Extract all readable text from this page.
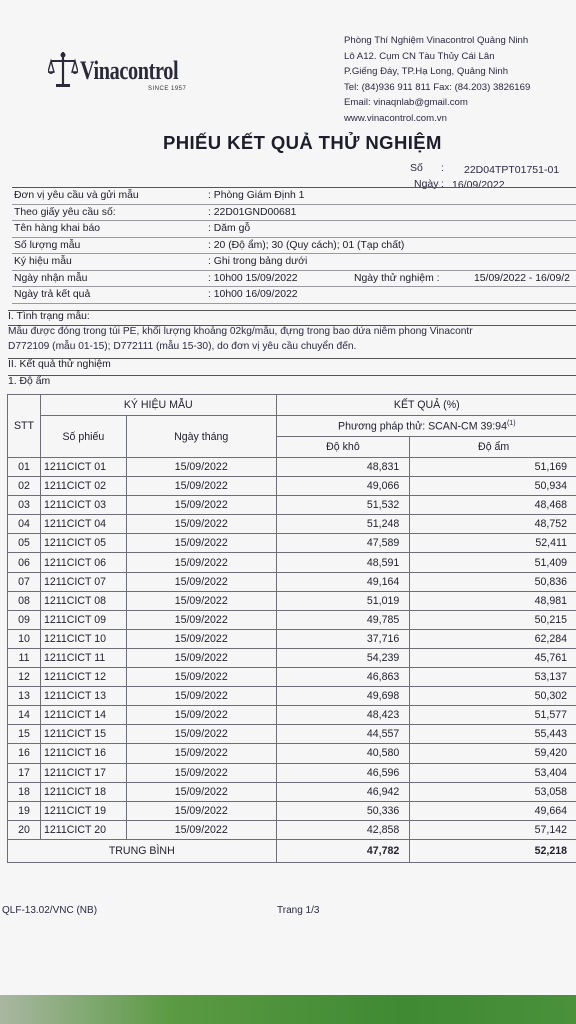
Vinacontrol
SINCE 1957
Phòng Thí Nghiệm Vinacontrol Quảng Ninh
Lô A12. Cụm CN Tàu Thủy Cái Lân
P.Giếng Đáy, TP.Hạ Long, Quảng Ninh
Tel: (84)936 911 811 Fax: (84.203) 3826169
Email: vinaqnlab@gmail.com
www.vinacontrol.com.vn
PHIẾU KẾT QUẢ THỬ NGHIỆM
Số : 22D04TPT01751-01
Ngày : 16/09/2022
Đơn vị yêu cầu và gửi mẫu	: Phòng Giám Định 1
Theo giấy yêu cầu số:	: 22D01GND00681
Tên hàng khai báo	: Dăm gỗ
Số lượng mẫu	: 20 (Độ ẩm); 30 (Quy cách); 01 (Tạp chất)
Ký hiệu mẫu	: Ghi trong bảng dưới
Ngày nhận mẫu	: 10h00 15/09/2022	Ngày thử nghiệm :	15/09/2022 - 16/09/2
Ngày trả kết quả	: 10h00 16/09/2022
I. Tình trạng mẫu:
Mẫu được đóng trong túi PE, khối lượng khoảng 02kg/mẫu, đựng trong bao dứa niêm phong Vinacontr
D772109 (mẫu 01-15); D772111 (mẫu 15-30), do đơn vị yêu cầu chuyển đến.
II. Kết quả thử nghiệm
1. Độ ẩm
STT	KÝ HIỆU MẪU		KẾT QUẢ (%)	
	Số phiếu	Ngày tháng	Phương pháp thử: SCAN-CM 39:94$^{(1)}$
			Độ khô	Độ ẩm
01	1211CICT 01	15/09/2022	48,831	51,169
02	1211CICT 02	15/09/2022	49,066	50,934
03	1211CICT 03	15/09/2022	51,532	48,468
04	1211CICT 04	15/09/2022	51,248	48,752
05	1211CICT 05	15/09/2022	47,589	52,411
06	1211CICT 06	15/09/2022	48,591	51,409
07	1211CICT 07	15/09/2022	49,164	50,836
08	1211CICT 08	15/09/2022	51,019	48,981
09	1211CICT 09	15/09/2022	49,785	50,215
10	1211CICT 10	15/09/2022	37,716	62,284
11	1211CICT 11	15/09/2022	54,239	45,761
12	1211CICT 12	15/09/2022	46,863	53,137
13	1211CICT 13	15/09/2022	49,698	50,302
14	1211CICT 14	15/09/2022	48,423	51,577
15	1211CICT 15	15/09/2022	44,557	55,443
16	1211CICT 16	15/09/2022	40,580	59,420
17	1211CICT 17	15/09/2022	46,596	53,404
18	1211CICT 18	15/09/2022	46,942	53,058
19	1211CICT 19	15/09/2022	50,336	49,664
20	1211CICT 20	15/09/2022	42,858	57,142
TRUNG BÌNH			47,782	52,218
QLF-13.02/VNC (NB)	Trang 1/3
